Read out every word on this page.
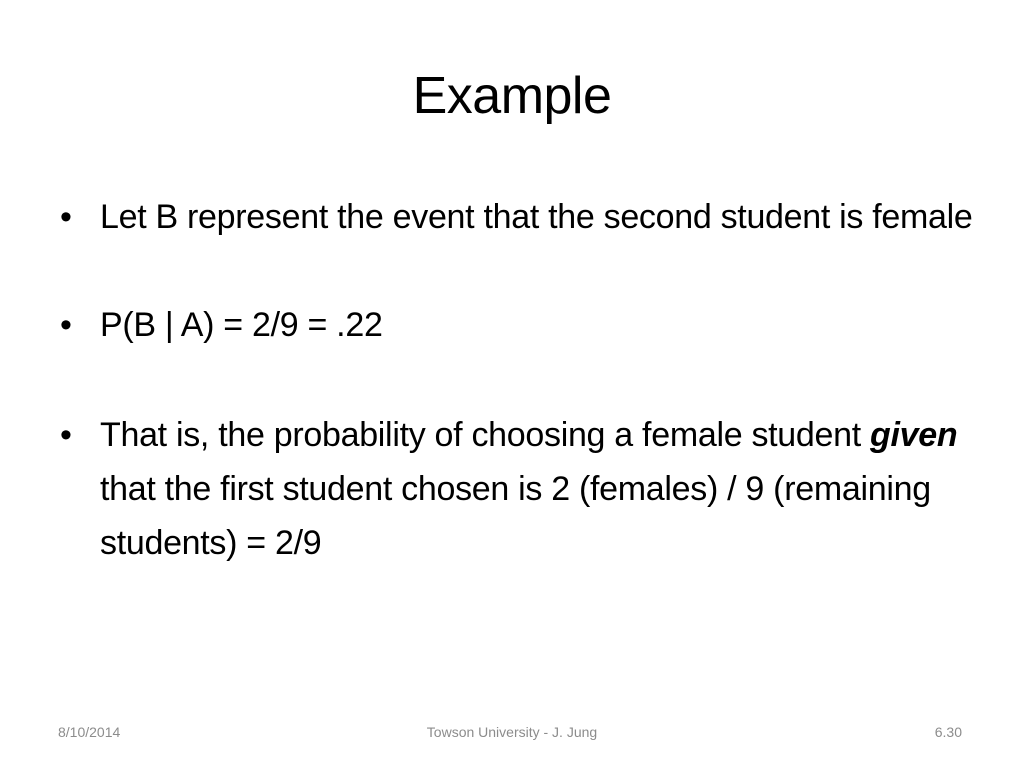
Example
• Let B represent the event that the second student is female
• P(B | A) = 2/9 = .22
• That is, the probability of choosing a female student given that the first student chosen is 2 (females) / 9 (remaining students) = 2/9
8/10/2014	Towson University - J. Jung	6.30
